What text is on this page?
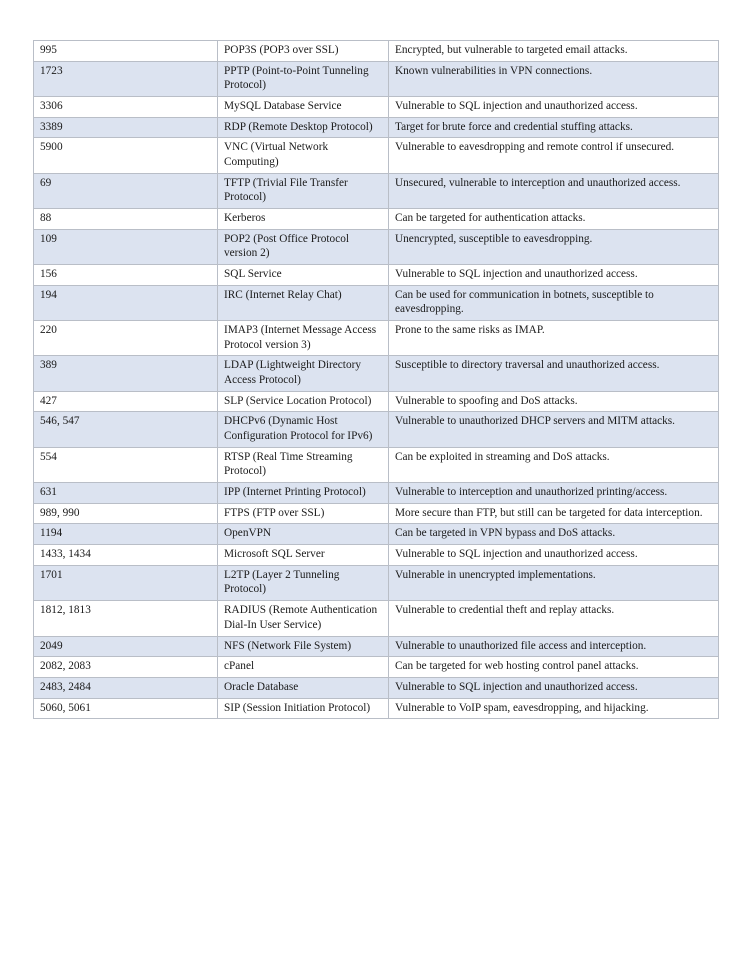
995	POP3S (POP3 over SSL)	Encrypted, but vulnerable to targeted email attacks.
1723	PPTP (Point-to-Point Tunneling Protocol)	Known vulnerabilities in VPN connections.
3306	MySQL Database Service	Vulnerable to SQL injection and unauthorized access.
3389	RDP (Remote Desktop Protocol)	Target for brute force and credential stuffing attacks.
5900	VNC (Virtual Network Computing)	Vulnerable to eavesdropping and remote control if unsecured.
69	TFTP (Trivial File Transfer Protocol)	Unsecured, vulnerable to interception and unauthorized access.
88	Kerberos	Can be targeted for authentication attacks.
109	POP2 (Post Office Protocol version 2)	Unencrypted, susceptible to eavesdropping.
156	SQL Service	Vulnerable to SQL injection and unauthorized access.
194	IRC (Internet Relay Chat)	Can be used for communication in botnets, susceptible to eavesdropping.
220	IMAP3 (Internet Message Access Protocol version 3)	Prone to the same risks as IMAP.
389	LDAP (Lightweight Directory Access Protocol)	Susceptible to directory traversal and unauthorized access.
427	SLP (Service Location Protocol)	Vulnerable to spoofing and DoS attacks.
546, 547	DHCPv6 (Dynamic Host Configuration Protocol for IPv6)	Vulnerable to unauthorized DHCP servers and MITM attacks.
554	RTSP (Real Time Streaming Protocol)	Can be exploited in streaming and DoS attacks.
631	IPP (Internet Printing Protocol)	Vulnerable to interception and unauthorized printing/access.
989, 990	FTPS (FTP over SSL)	More secure than FTP, but still can be targeted for data interception.
1194	OpenVPN	Can be targeted in VPN bypass and DoS attacks.
1433, 1434	Microsoft SQL Server	Vulnerable to SQL injection and unauthorized access.
1701	L2TP (Layer 2 Tunneling Protocol)	Vulnerable in unencrypted implementations.
1812, 1813	RADIUS (Remote Authentication Dial-In User Service)	Vulnerable to credential theft and replay attacks.
2049	NFS (Network File System)	Vulnerable to unauthorized file access and interception.
2082, 2083	cPanel	Can be targeted for web hosting control panel attacks.
2483, 2484	Oracle Database	Vulnerable to SQL injection and unauthorized access.
5060, 5061	SIP (Session Initiation Protocol)	Vulnerable to VoIP spam, eavesdropping, and hijacking.
